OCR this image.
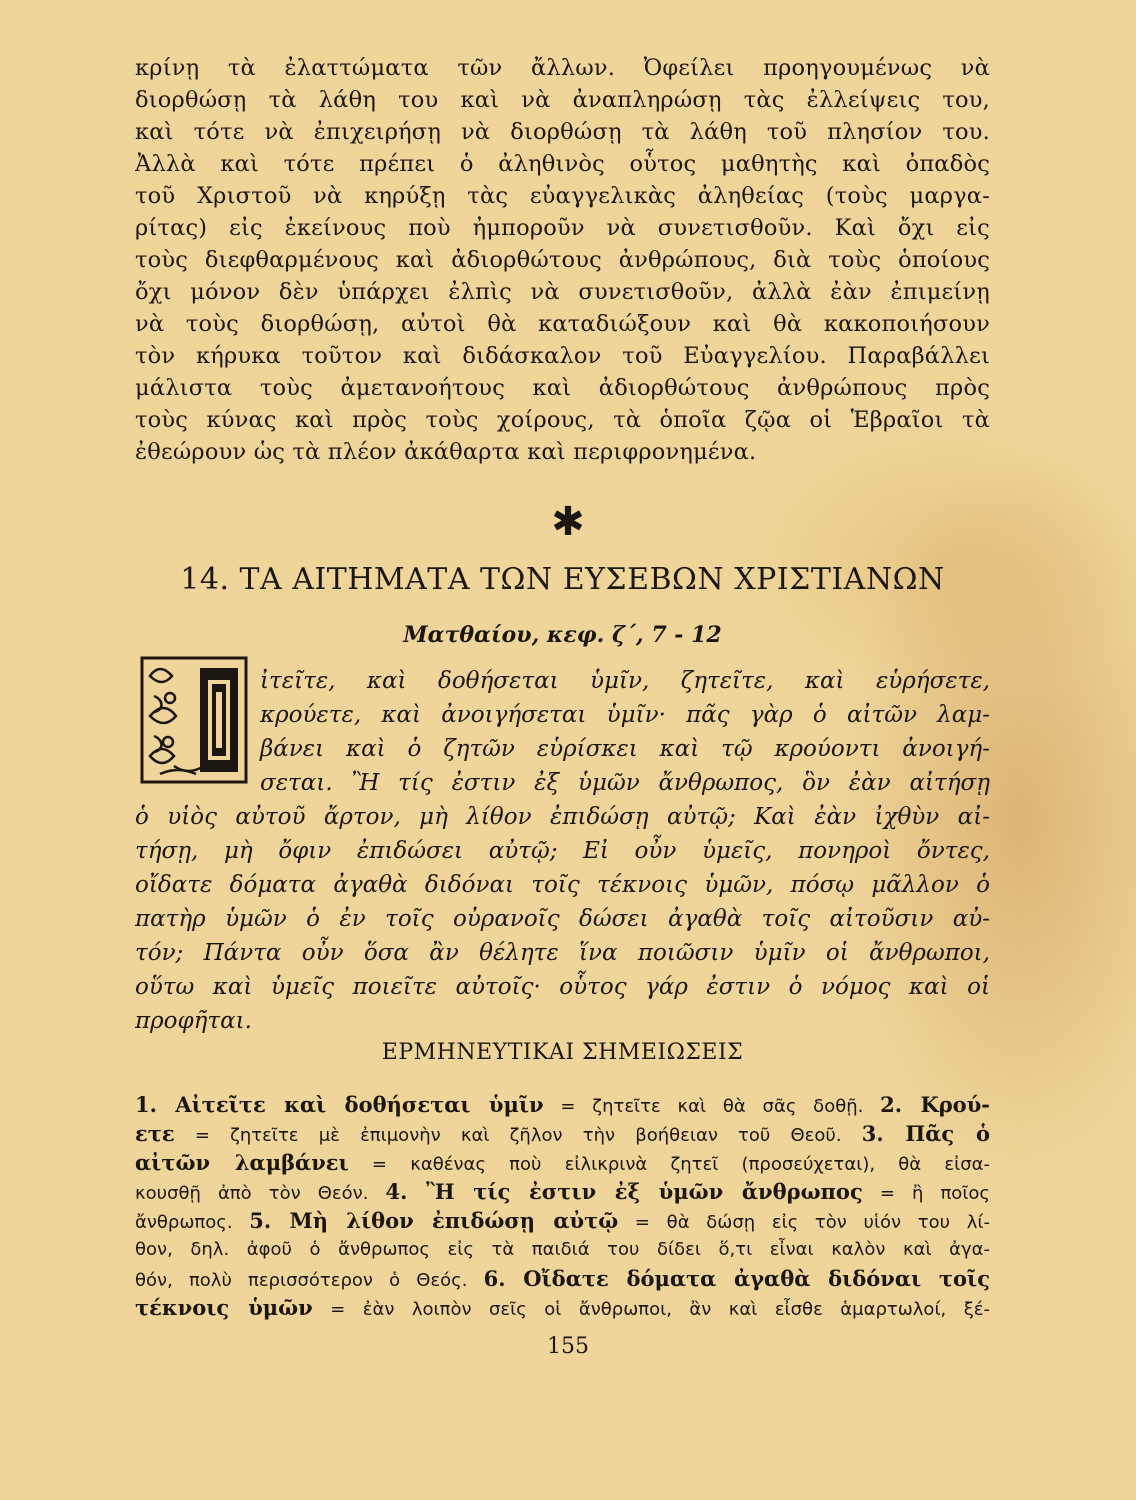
κρίνῃ τὰ ἐλαττώματα τῶν ἄλλων. Ὀφείλει προηγουμένως νὰ
διορθώσῃ τὰ λάθη του καὶ νὰ ἀναπληρώσῃ τὰς ἐλλείψεις του,
καὶ τότε νὰ ἐπιχειρήσῃ νὰ διορθώσῃ τὰ λάθη τοῦ πλησίον του.
Ἀλλὰ καὶ τότε πρέπει ὁ ἀληθινὸς οὗτος μαθητὴς καὶ ὀπαδὸς
τοῦ Χριστοῦ νὰ κηρύξῃ τὰς εὐαγγελικὰς ἀληθείας (τοὺς μαργα-
ρίτας) εἰς ἐκείνους ποὺ ἠμποροῦν νὰ συνετισθοῦν. Καὶ ὄχι εἰς
τοὺς διεφθαρμένους καὶ ἀδιορθώτους ἀνθρώπους, διὰ τοὺς ὁποίους
ὄχι μόνον δὲν ὑπάρχει ἐλπὶς νὰ συνετισθοῦν, ἀλλὰ ἐὰν ἐπιμείνῃ
νὰ τοὺς διορθώσῃ, αὐτοὶ θὰ καταδιώξουν καὶ θὰ κακοποιήσουν
τὸν κήρυκα τοῦτον καὶ διδάσκαλον τοῦ Εὐαγγελίου. Παραβάλλει
μάλιστα τοὺς ἀμετανοήτους καὶ ἀδιορθώτους ἀνθρώπους πρὸς
τοὺς κύνας καὶ πρὸς τοὺς χοίρους, τὰ ὁποῖα ζῷα οἱ Ἑβραῖοι τὰ
ἐθεώρουν ὡς τὰ πλέον ἀκάθαρτα καὶ περιφρονημένα.
✱
14. ΤΑ ΑΙΤΗΜΑΤΑ ΤΩΝ ΕΥΣΕΒΩΝ ΧΡΙΣΤΙΑΝΩΝ
Ματθαίου, κεφ. ζ΄, 7 - 12
ἰτεῖτε, καὶ δοθήσεται ὑμῖν, ζητεῖτε, καὶ εὑρήσετε,
κρούετε, καὶ ἀνοιγήσεται ὑμῖν· πᾶς γὰρ ὁ αἰτῶν λαμ-
βάνει καὶ ὁ ζητῶν εὑρίσκει καὶ τῷ κρούοντι ἀνοιγή-
σεται. Ἢ τίς ἐστιν ἐξ ὑμῶν ἄνθρωπος, ὃν ἐὰν αἰτήσῃ
ὁ υἱὸς αὐτοῦ ἄρτον, μὴ λίθον ἐπιδώσῃ αὐτῷ; Καὶ ἐὰν ἰχθὺν αἰ-
τήσῃ, μὴ ὄφιν ἐπιδώσει αὐτῷ; Εἰ οὖν ὑμεῖς, πονηροὶ ὄντες,
οἴδατε δόματα ἀγαθὰ διδόναι τοῖς τέκνοις ὑμῶν, πόσῳ μᾶλλον ὁ
πατὴρ ὑμῶν ὁ ἐν τοῖς οὐρανοῖς δώσει ἀγαθὰ τοῖς αἰτοῦσιν αὐ-
τόν; Πάντα οὖν ὅσα ἂν θέλητε ἵνα ποιῶσιν ὑμῖν οἱ ἄνθρωποι,
οὕτω καὶ ὑμεῖς ποιεῖτε αὐτοῖς· οὗτος γάρ ἐστιν ὁ νόμος καὶ οἱ
προφῆται.
ΕΡΜΗΝΕΥΤΙΚΑΙ ΣΗΜΕΙΩΣΕΙΣ
1. Αἰτεῖτε καὶ δοθήσεται ὑμῖν = ζητεῖτε καὶ θὰ σᾶς δοθῇ. 2. Κρού-
ετε = ζητεῖτε μὲ ἐπιμονὴν καὶ ζῆλον τὴν βοήθειαν τοῦ Θεοῦ. 3. Πᾶς ὁ
αἰτῶν λαμβάνει = καθένας ποὺ εἰλικρινὰ ζητεῖ (προσεύχεται), θὰ εἰσα-
κουσθῇ ἀπὸ τὸν Θεόν. 4. Ἢ τίς ἐστιν ἐξ ὑμῶν ἄνθρωπος = ἢ ποῖος
ἄνθρωπος. 5. Μὴ λίθον ἐπιδώσῃ αὐτῷ = θὰ δώσῃ εἰς τὸν υἱόν του λί-
θον, δηλ. ἀφοῦ ὁ ἄνθρωπος εἰς τὰ παιδιά του δίδει ὅ,τι εἶναι καλὸν καὶ ἀγα-
θόν, πολὺ περισσότερον ὁ Θεός. 6. Οἴδατε δόματα ἀγαθὰ διδόναι τοῖς
τέκνοις ὑμῶν = ἐὰν λοιπὸν σεῖς οἱ ἄνθρωποι, ἂν καὶ εἶσθε ἁμαρτωλοί, ξέ-
155
